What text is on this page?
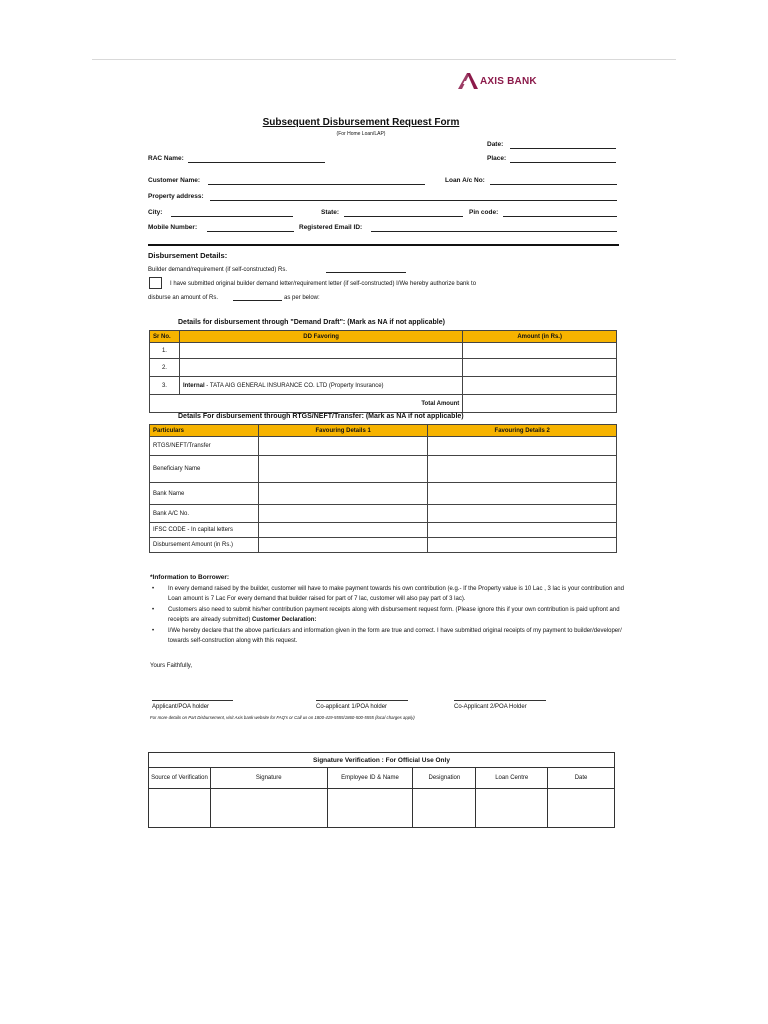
AXIS BANK
Subsequent Disbursement Request Form
(For Home Loan/LAP)
Date:
RAC Name:	Place:
Customer Name:	Loan A/c No:
Property address:
City:	State:	Pin code:
Mobile Number:	Registered Email ID:
Disbursement Details:
Builder demand/requirement (if self-constructed) Rs.
I have submitted original builder demand letter/requirement letter (if self-constructed) I/We hereby authorize bank to
disburse an amount of Rs.	as per below:
Details for disbursement through "Demand Draft": (Mark as NA if not applicable)
Sr No.	DD Favoring	Amount (in Rs.)
1.		
2.		
3.	Internal - TATA AIG GENERAL INSURANCE CO. LTD (Property Insurance)	
	Total Amount	
Details For disbursement through RTGS/NEFT/Transfer: (Mark as NA if not applicable)
Particulars	Favouring Details 1	Favouring Details 2
RTGS/NEFT/Transfer		
Beneficiary Name		
Bank Name		
Bank A/C No.		
IFSC CODE - In capital letters		
Disbursement Amount (in Rs.)		
*Information to Borrower:
•	In every demand raised by the builder, customer will have to make payment towards his own contribution (e.g.- If the Property value is 10 Lac , 3 lac is your contribution and Loan amount is 7 Lac For every demand that builder raised for part of 7 lac, customer will also pay part of 3 lac).
•	Customers also need to submit his/her contribution payment receipts along with disbursement request form. (Please ignore this if your own contribution is paid upfront and receipts are already submitted) Customer Declaration:
•	I/We hereby declare that the above particulars and information given in the form are true and correct. I have submitted original receipts of my payment to builder/developer/ towards self-construction along with this request.
Yours Faithfully,
Applicant/POA holder	Co-applicant 1/POA holder	Co-Applicant 2/POA Holder
For more details on Part Disbursement, visit Axis bank website for FAQ's or Call us on 1800-419-5555/1860-500-5555 (local charges apply)
Signature Verification : For Official Use Only					
Source of Verification	Signature	Employee ID & Name	Designation	Loan Centre	Date
